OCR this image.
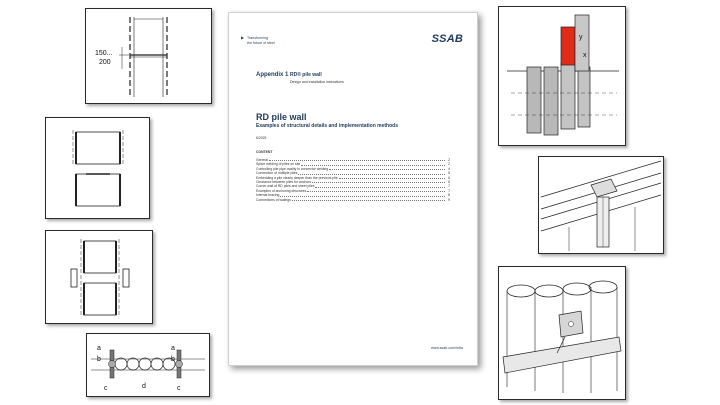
150...
200
a
b
c	d
a
b
c
▶ Transforming
the future of steel	SSAB
Appendix 1 RD® pile wall
Design and installation instructions
RD pile wall
Examples of structural details and implementation methods
6/2025
CONTENT
General	2
Splice welding of piles on site	2
Controlling pile pipe ovality in connector welding	4
Connection of multiple piles	5
Embedding a pile clearly deeper than the previous pile	6
Clearance between piles for anchors	6
Corner wall of RD piles and sheet piles	7
Examples of anchoring structures	7
Internal bracing	8
Connections of walings	9
www.ssab.com/infra
y
x
